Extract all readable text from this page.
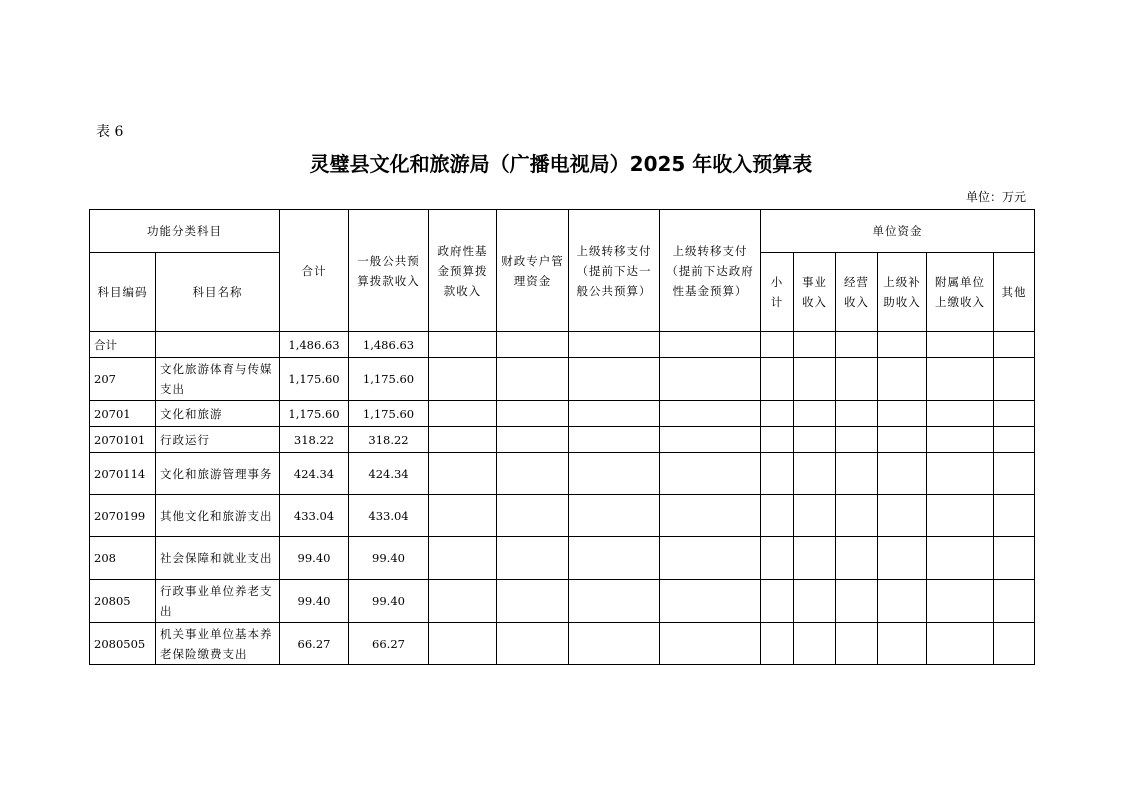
表 6
灵璧县文化和旅游局（广播电视局）2025 年收入预算表
单位：万元
功能分类科目		合计	一般公共预算拨款收入	政府性基金预算拨款收入	财政专户管理资金	上级转移支付（提前下达一般公共预算）	上级转移支付（提前下达政府性基金预算）	单位资金					
科目编码	科目名称							小计	事业收入	经营收入	上级补助收入	附属单位上缴收入	其他
合计		1,486.63	1,486.63										
207	文化旅游体育与传媒支出	1,175.60	1,175.60										
20701	文化和旅游	1,175.60	1,175.60										
2070101	行政运行	318.22	318.22										
2070114	文化和旅游管理事务	424.34	424.34										
2070199	其他文化和旅游支出	433.04	433.04										
208	社会保障和就业支出	99.40	99.40										
20805	行政事业单位养老支出	99.40	99.40										
2080505	机关事业单位基本养老保险缴费支出	66.27	66.27										
